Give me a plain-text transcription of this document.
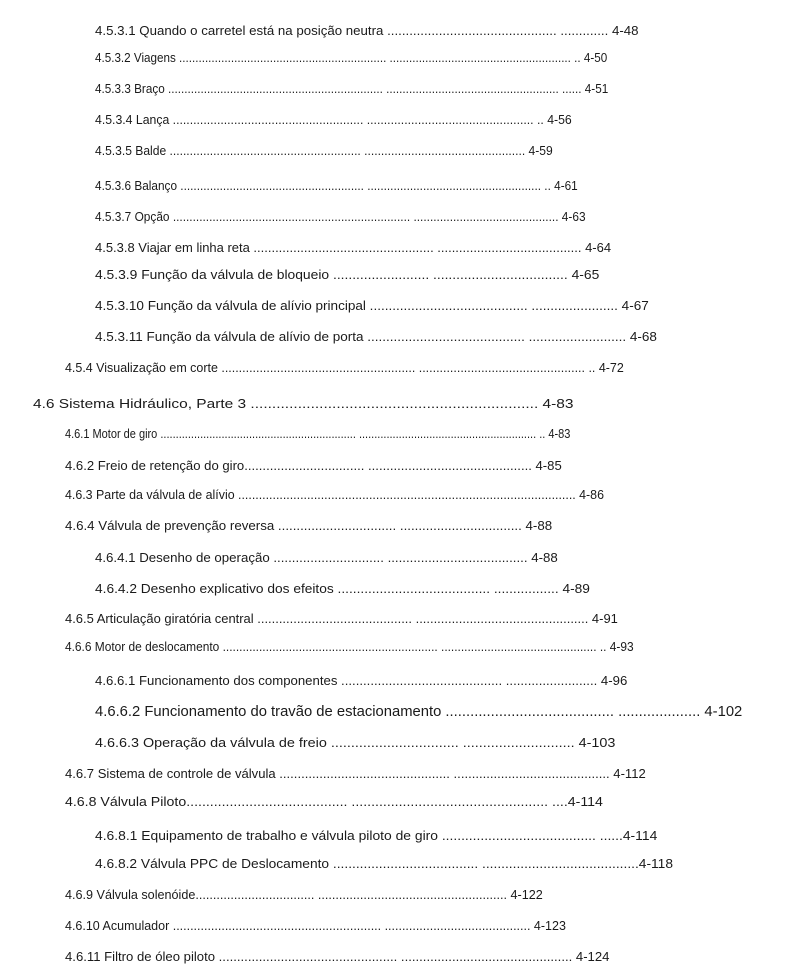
4.5.3.1 Quando o carretel está na posição neutra .............................................. ............. 4-48
4.5.3.2 Viagens ................................................................ ........................................................ .. 4-50
4.5.3.3 Braço .................................................................. ..................................................... ...... 4-51
4.5.3.4 Lança ........................................................ ................................................. .. 4-56
4.5.3.5 Balde ......................................................... ................................................ 4-59
4.5.3.6 Balanço ........................................................ ..................................................... .. 4-61
4.5.3.7 Opção ........................................................................ ............................................ 4-63
4.5.3.8 Viajar em linha reta .................................................. ........................................ 4-64
4.5.3.9 Função da válvula de bloqueio ......................... ................................... 4-65
4.5.3.10 Função da válvula de alívio principal .......................................... ....................... 4-67
4.5.3.11 Função da válvula de alívio de porta .......................................... .......................... 4-68
4.5.4 Visualização em corte ........................................................ ................................................ .. 4-72
4.6 Sistema Hidráulico, Parte 3 ................................................................... 4-83
4.6.1 Motor de giro ................................................................ .......................................................... .. 4-83
4.6.2 Freio de retenção do giro................................. ............................................. 4-85
4.6.3 Parte da válvula de alívio .................................................................................................. 4-86
4.6.4 Válvula de prevenção reversa ................................ ................................. 4-88
4.6.4.1 Desenho de operação .............................. ...................................... 4-88
4.6.4.2 Desenho explicativo dos efeitos ........................................ ................. 4-89
4.6.5 Articulação giratória central ........................................... ................................................ 4-91
4.6.6 Motor de deslocamento ................................................................. ............................................... .. 4-93
4.6.6.1 Funcionamento dos componentes ............................................ ......................... 4-96
4.6.6.2 Funcionamento do travão de estacionamento ......................................... .................... 4-102
4.6.6.3 Operação da válvula de freio ................................ ............................ 4-103
4.6.7 Sistema de controle de válvula ............................................... ........................................... 4-112
4.6.8 Válvula Piloto......................................... .................................................. ....4-114
4.6.8.1 Equipamento de trabalho e válvula piloto de giro ........................................ ......4-114
4.6.8.2 Válvula PPC de Deslocamento ...................................... .........................................4-118
4.6.9 Válvula solenóide.................................. ...................................................... 4-122
4.6.10 Acumulador ............................................................ .......................................... 4-123
4.6.11 Filtro de óleo piloto ................................................. ............................................... 4-124
